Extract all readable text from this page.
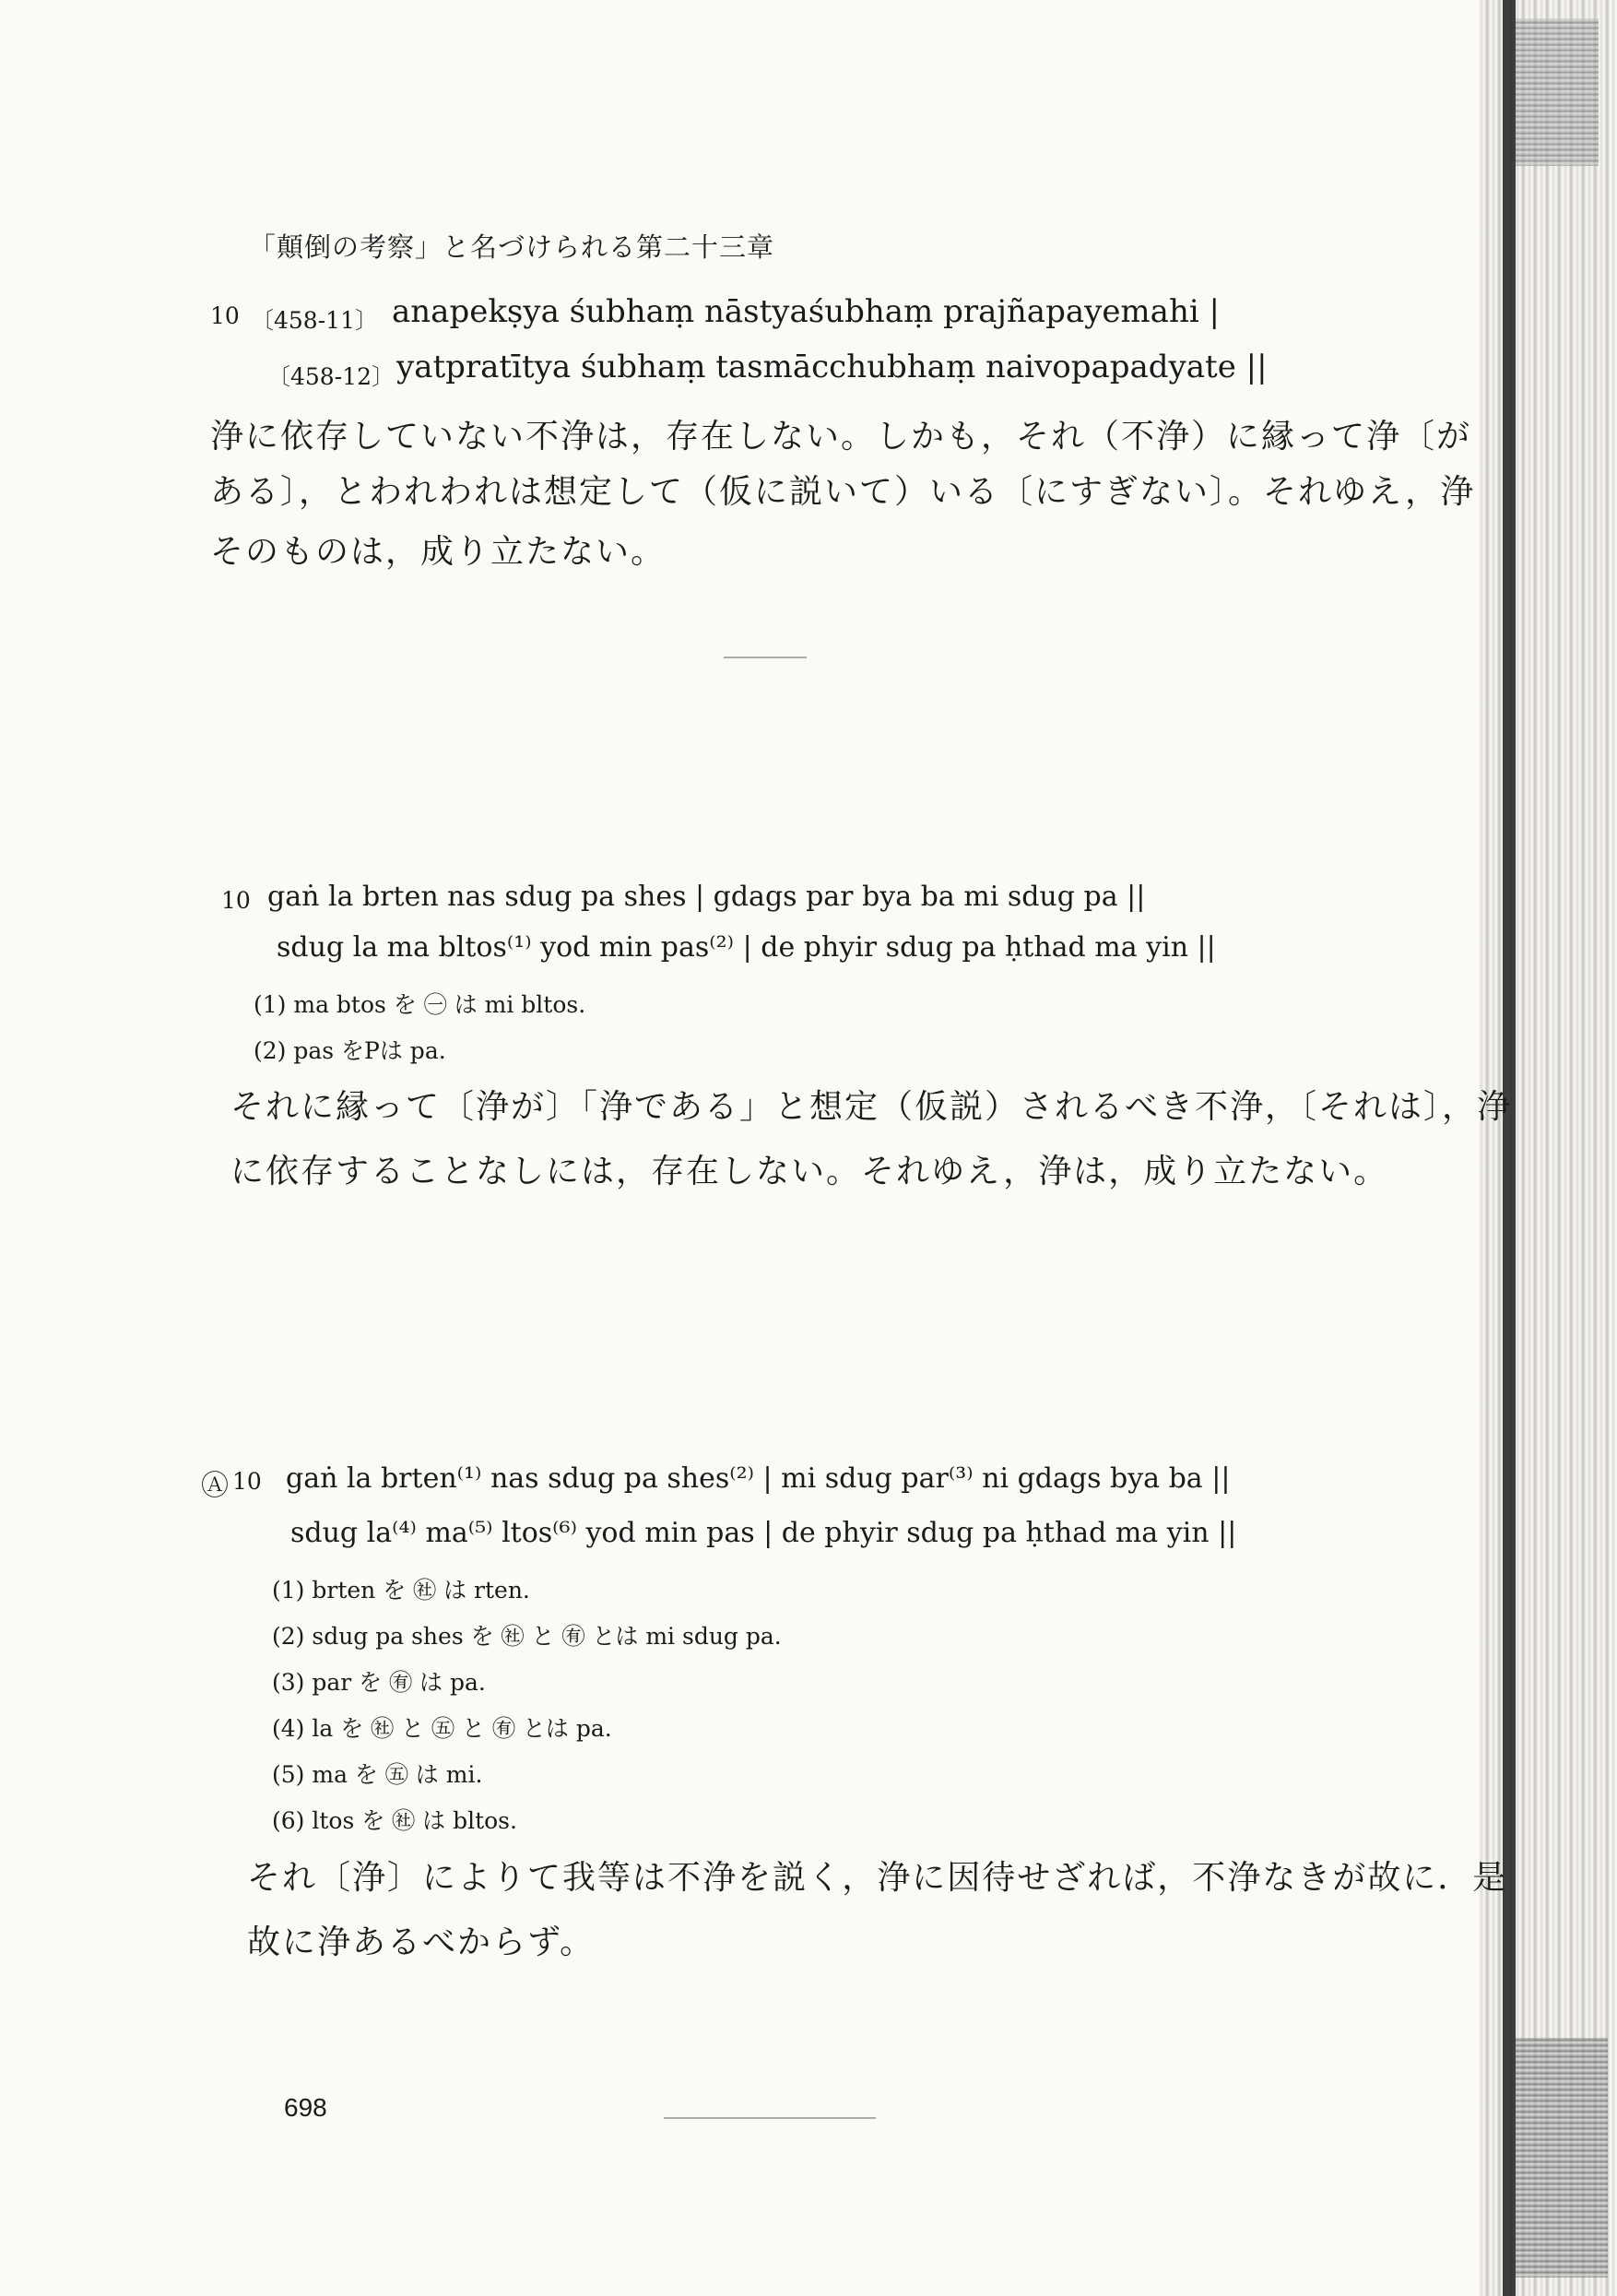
「顛倒の考察」と名づけられる第二十三章
10 〔458-11〕 anapekṣya śubhaṃ nāstyaśubhaṃ prajñapayemahi |
〔458-12〕 yatpratītya śubhaṃ tasmācchubhaṃ naivopapadyate ||
浄に依存していない不浄は，存在しない。しかも，それ（不浄）に縁って浄〔が
ある〕，とわれわれは想定して（仮に説いて）いる〔にすぎない〕。それゆえ，浄
そのものは，成り立たない。
10 gaṅ la brten nas sdug pa shes | gdags par bya ba mi sdug pa ||
sdug la ma bltos⁽¹⁾ yod min pas⁽²⁾ | de phyir sdug pa ḥthad ma yin ||
(1) ma btos を ㊀ は mi bltos.
(2) pas をPは pa.
それに縁って〔浄が〕「浄である」と想定（仮説）されるべき不浄，〔それは〕，浄
に依存することなしには，存在しない。それゆえ，浄は，成り立たない。
Ⓐ 10 gaṅ la brten⁽¹⁾ nas sdug pa shes⁽²⁾ | mi sdug par⁽³⁾ ni gdags bya ba ||
sdug la⁽⁴⁾ ma⁽⁵⁾ ltos⁽⁶⁾ yod min pas | de phyir sdug pa ḥthad ma yin ||
(1) brten を ㊓ は rten.
(2) sdug pa shes を ㊓ と ㊒ とは mi sdug pa.
(3) par を ㊒ は pa.
(4) la を ㊓ と ㊄ と ㊒ とは pa.
(5) ma を ㊄ は mi.
(6) ltos を ㊓ は bltos.
それ〔浄〕によりて我等は不浄を説く，浄に因待せざれば，不浄なきが故に．是
故に浄あるべからず。
698
